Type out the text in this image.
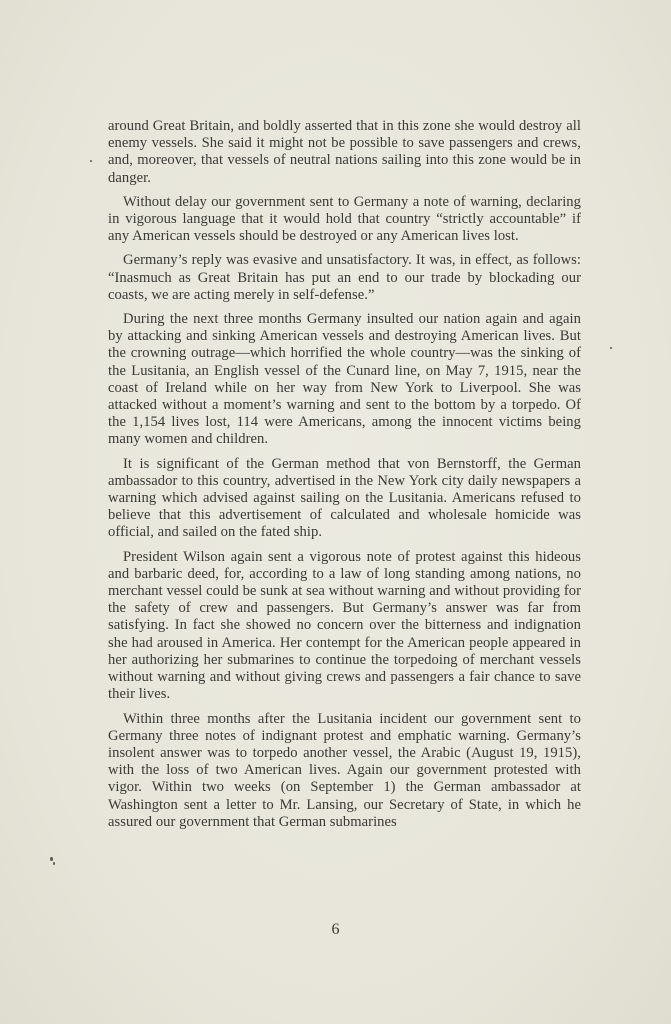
around Great Britain, and boldly asserted that in this zone she would destroy all enemy vessels. She said it might not be possible to save passengers and crews, and, moreover, that vessels of neutral nations sailing into this zone would be in danger.

Without delay our government sent to Germany a note of warning, declaring in vigorous language that it would hold that country “strictly accountable” if any American vessels should be destroyed or any American lives lost.

Germany’s reply was evasive and unsatisfactory. It was, in effect, as follows: “Inasmuch as Great Britain has put an end to our trade by blockading our coasts, we are acting merely in self-defense.”

During the next three months Germany insulted our nation again and again by attacking and sinking American vessels and destroying American lives. But the crowning outrage—which horrified the whole country—was the sinking of the Lusitania, an English vessel of the Cunard line, on May 7, 1915, near the coast of Ireland while on her way from New York to Liverpool. She was attacked without a moment’s warning and sent to the bottom by a torpedo. Of the 1,154 lives lost, 114 were Americans, among the innocent victims being many women and children.

It is significant of the German method that von Bernstorff, the German ambassador to this country, advertised in the New York city daily newspapers a warning which advised against sailing on the Lusitania. Americans refused to believe that this advertisement of calculated and wholesale homicide was official, and sailed on the fated ship.

President Wilson again sent a vigorous note of protest against this hideous and barbaric deed, for, according to a law of long standing among nations, no merchant vessel could be sunk at sea without warning and without providing for the safety of crew and passengers. But Germany’s answer was far from satisfying. In fact she showed no concern over the bitterness and indignation she had aroused in America. Her contempt for the American people appeared in her authorizing her submarines to continue the torpedoing of merchant vessels without warning and without giving crews and passengers a fair chance to save their lives.

Within three months after the Lusitania incident our government sent to Germany three notes of indignant protest and emphatic warning. Germany’s insolent answer was to torpedo another vessel, the Arabic (August 19, 1915), with the loss of two American lives. Again our government protested with vigor. Within two weeks (on September 1) the German ambassador at Washington sent a letter to Mr. Lansing, our Secretary of State, in which he assured our government that German submarines

6
